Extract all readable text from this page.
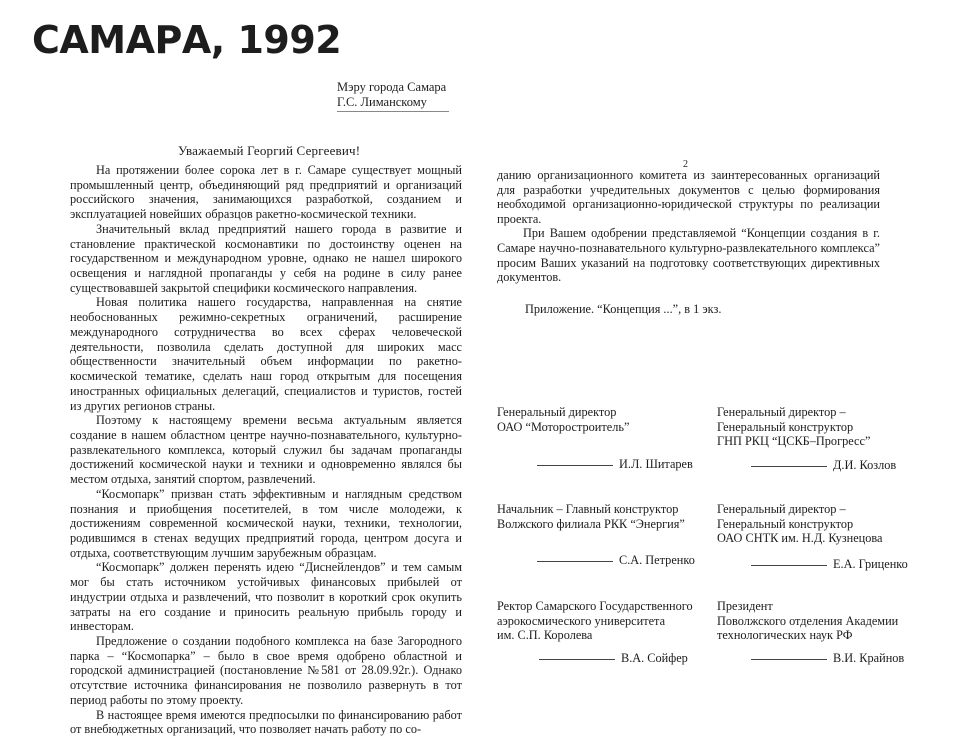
САМАРА, 1992
Мэру города Самара
Г.С. Лиманскому
Уважаемый Георгий Сергеевич!

На протяжении более сорока лет в г. Самаре существует мощный промышленный центр, объединяющий ряд предприятий и организаций российского значения, занимающихся разработкой, созданием и эксплуатацией новейших образцов ракетно-космической техники.

Значительный вклад предприятий нашего города в развитие и становление практической космонавтики по достоинству оценен на государственном и международном уровне, однако не нашел широкого освещения и наглядной пропаганды у себя на родине в силу ранее существовавшей закрытой специфики космического направления.

Новая политика нашего государства, направленная на снятие необоснованных режимно-секретных ограничений, расширение международного сотрудничества во всех сферах человеческой деятельности, позволила сделать доступной для широких масс общественности значительный объем информации по ракетно-космической тематике, сделать наш город открытым для посещения иностранных официальных делегаций, специалистов и туристов, гостей из других регионов страны.

Поэтому к настоящему времени весьма актуальным является создание в нашем областном центре научно-познавательного, культурно-развлекательного комплекса, который служил бы задачам пропаганды достижений космической науки и техники и одновременно являлся бы местом отдыха, занятий спортом, развлечений.

“Космопарк” призван стать эффективным и наглядным средством познания и приобщения посетителей, в том числе молодежи, к достижениям современной космической науки, техники, технологии, родившимся в стенах ведущих предприятий города, центром досуга и отдыха, соответствующим лучшим зарубежным образцам.

“Космопарк” должен перенять идею “Диснейлендов” и тем самым мог бы стать источником устойчивых финансовых прибылей от индустрии отдыха и развлечений, что позволит в короткий срок окупить затраты на его создание и приносить реальную прибыль городу и инвесторам.

Предложение о создании подобного комплекса на базе Загородного парка – “Космопарка” – было в свое время одобрено областной и городской администрацией (постановление №581 от 28.09.92г.). Однако отсутствие источника финансирования не позволило развернуть в тот период работы по этому проекту.

В настоящее время имеются предпосылки по финансированию работ от внебюджетных организаций, что позволяет начать работу по со-

2

данию организационного комитета из заинтересованных организаций для разработки учредительных документов с целью формирования необходимой организационно-юридической структуры по реализации проекта.

При Вашем одобрении представляемой “Концепции создания в г. Самаре научно-познавательного культурно-развлекательного комплекса” просим Ваших указаний на подготовку соответствующих директивных документов.

Приложение. “Концепция ...”, в 1 экз.
Генеральный директор
ОАО “Моторостроитель”
И.Л. Шитарев
Генеральный директор –
Генеральный конструктор
ГНП РКЦ “ЦСКБ–Прогресс”
Д.И. Козлов
Начальник – Главный конструктор
Волжского филиала РКК “Энергия”
С.А. Петренко
Генеральный директор –
Генеральный конструктор
ОАО СНТК им. Н.Д. Кузнецова
Е.А. Гриценко
Ректор Самарского Государственного
аэрокосмического университета
им. С.П. Королева
В.А. Сойфер
Президент
Поволжского отделения Академии
технологических наук РФ
В.И. Крайнов
